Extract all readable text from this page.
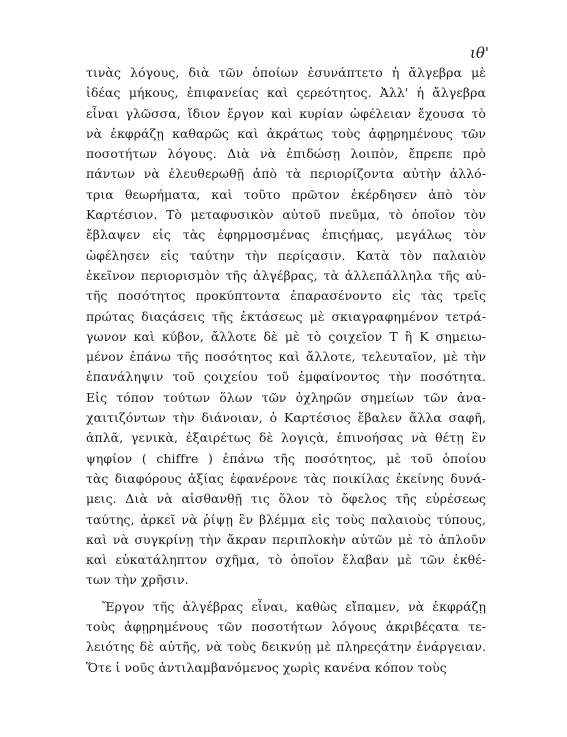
ιθ'
τινὰς λόγους, διὰ τῶν ὁποίων ἐσυνάπτετο ἡ ἄλγεβρα μὲ
ἰδέας μήκους, ἐπιφανείας καὶ ςερεότητος. Ἀλλ' ἡ ἄλγεβρα
εἶναι γλῶσσα, ἴδιον ἔργον καὶ κυρίαν ὠφέλειαν ἔχουσα τὸ
νὰ ἐκφράζῃ καθαρῶς καὶ ἀκράτως τοὺς ἀφῃρημένους τῶν
ποσοτήτων λόγους. Διὰ νὰ ἐπιδώσῃ λοιπὸν, ἔπρεπε πρὸ
πάντων νὰ ἐλευθερωθῇ ἀπὸ τὰ περιορίζοντα αὐτὴν ἀλλό-
τρια θεωρήματα, καὶ τοῦτο πρῶτον ἐκέρδησεν ἀπὸ τὸν
Καρτέσιον. Τὸ μεταφυσικὸν αὐτοῦ πνεῦμα, τὸ ὁποῖον τὸν
ἔβλαψεν εἰς τὰς ἐφηρμοσμένας ἐπιςήμας, μεγάλως τὸν
ὠφέλησεν εἰς ταύτην τὴν περίςασιν. Κατὰ τὸν παλαιὸν
ἐκεῖνον περιορισμὸν τῆς ἀλγέβρας, τὰ ἀλλεπάλληλα τῆς αὐ-
τῆς ποσότητος προκύπτοντα ἐπαρασένοντο εἰς τὰς τρεῖς
πρώτας διαςάσεις τῆς ἐκτάσεως μὲ σκιαγραφημένον τετρά-
γωνον καὶ κύβον, ἄλλοτε δὲ μὲ τὸ ςοιχεῖον Τ ἢ Κ σημειω-
μένον ἐπάνω τῆς ποσότητος καὶ ἄλλοτε, τελευταῖον, μὲ τὴν
ἐπανάληψιν τοῦ ςοιχείου τοῦ ἐμφαίνοντος τὴν ποσότητα.
Εἰς τόπον τούτων ὅλων τῶν ὀχληρῶν σημείων τῶν ἀνα-
χαιτιζόντων τὴν διάνοιαν, ὁ Καρτέσιος ἔβαλεν ἄλλα σαφῆ,
ἁπλᾶ, γενικὰ, ἐξαιρέτως δὲ λογιςὰ, ἐπινοήσας νὰ θέτῃ ἓν
ψηφίον ( chiffre ) ἐπάνω τῆς ποσότητος, μὲ τοῦ ὁποίου
τὰς διαφόρους ἀξίας ἐφανέρονε τὰς ποικίλας ἐκείνης δυνά-
μεις. Διὰ νὰ αἰσθανθῇ τις ὅλον τὸ ὄφελος τῆς εὑρέσεως
ταύτης, ἀρκεῖ νὰ ῥίψῃ ἓν βλέμμα εἰς τοὺς παλαιοὺς τύπους,
καὶ νὰ συγκρίνῃ τὴν ἄκραν περιπλοκὴν αὐτῶν μὲ τὸ ἁπλοῦν
καὶ εὐκατάληπτον σχῆμα, τὸ ὁποῖον ἔλαβαν μὲ τῶν ἐκθέ-
των τὴν χρῆσιν.
Ἔργον τῆς ἀλγέβρας εἶναι, καθὼς εἴπαμεν, νὰ ἐκφράζῃ
τοὺς ἀφῃρημένους τῶν ποσοτήτων λόγους ἀκριβέςατα τε-
λειότης δὲ αὐτῆς, νὰ τοὺς δεικνύῃ μὲ πληρεςάτην ἐνάργειαν.
Ὅτε ἱ νοῦς ἀντιλαμβανόμενος χωρὶς κανένα κόπον τοὺς
